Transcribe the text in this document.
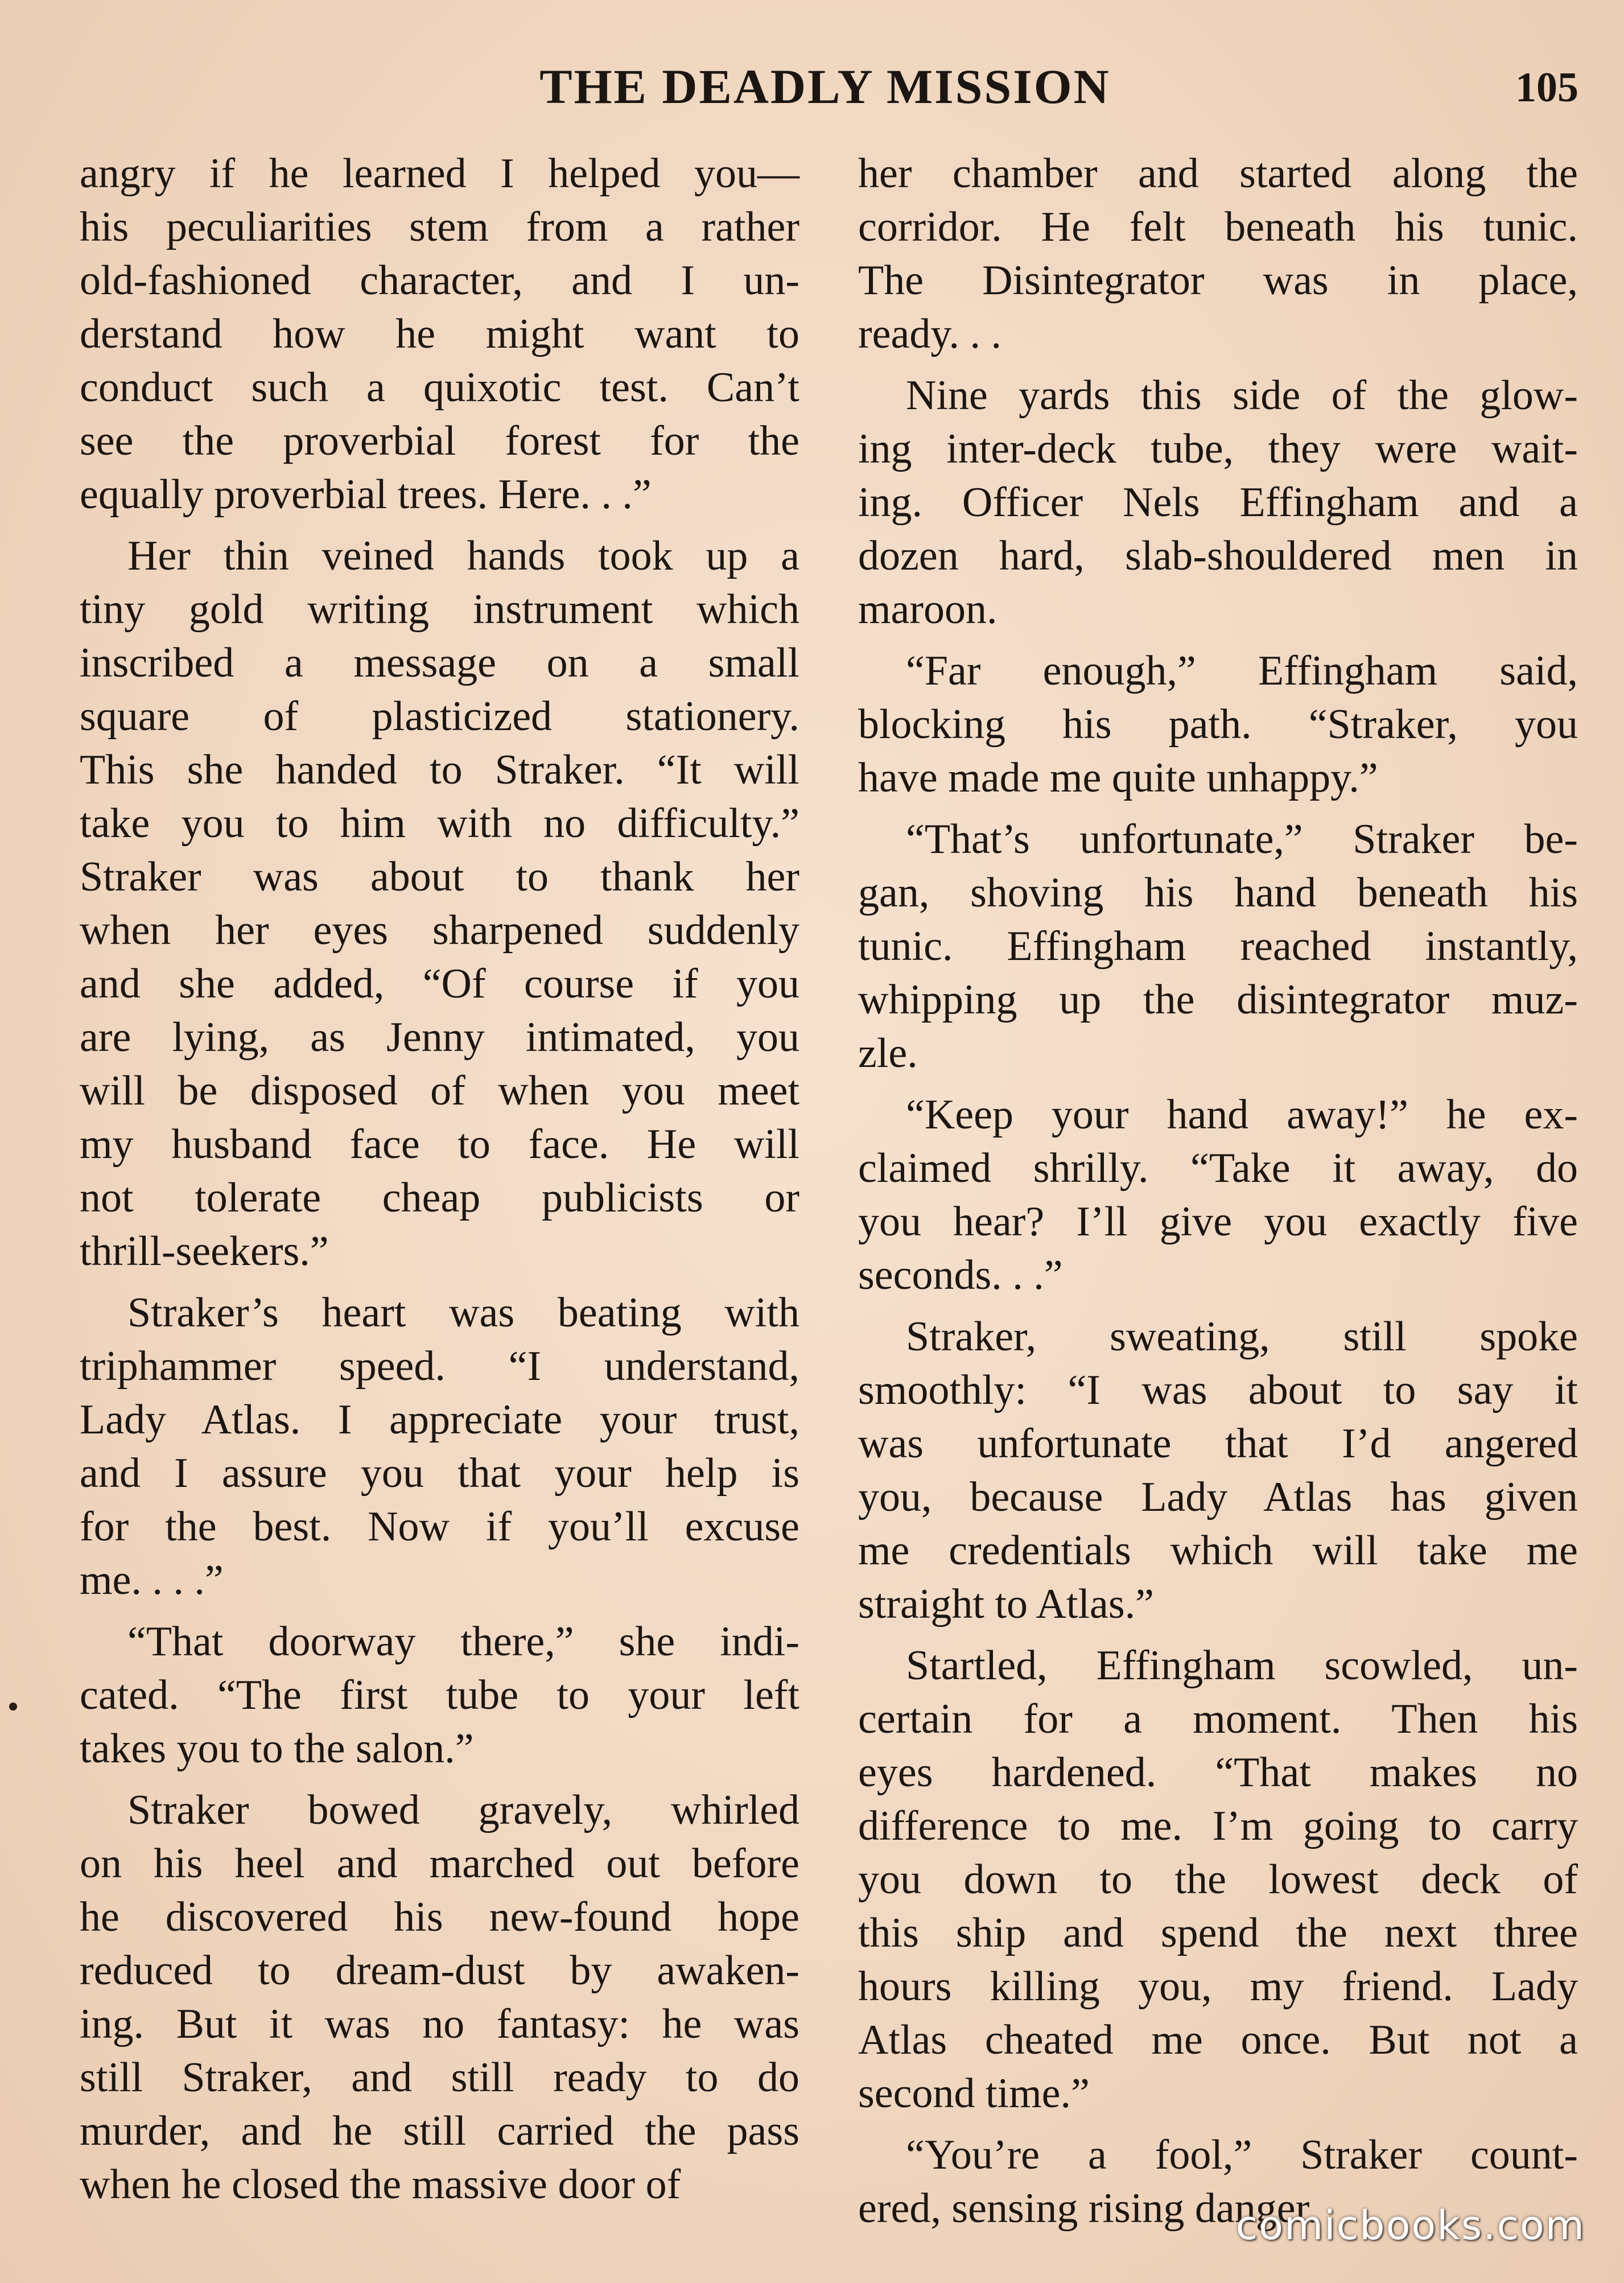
THE DEADLY MISSION	105
angry if he learned I helped you—
his peculiarities stem from a rather
old-fashioned character, and I un-
derstand how he might want to
conduct such a quixotic test. Can’t
see the proverbial forest for the
equally proverbial trees. Here. . .”
Her thin veined hands took up a
tiny gold writing instrument which
inscribed a message on a small
square of plasticized stationery.
This she handed to Straker. “It will
take you to him with no difficulty.”
Straker was about to thank her
when her eyes sharpened suddenly
and she added, “Of course if you
are lying, as Jenny intimated, you
will be disposed of when you meet
my husband face to face. He will
not tolerate cheap publicists or
thrill-seekers.”
Straker’s heart was beating with
triphammer speed. “I understand,
Lady Atlas. I appreciate your trust,
and I assure you that your help is
for the best. Now if you’ll excuse
me. . . .”
“That doorway there,” she indi-
cated. “The first tube to your left
takes you to the salon.”
Straker bowed gravely, whirled
on his heel and marched out before
he discovered his new-found hope
reduced to dream-dust by awaken-
ing. But it was no fantasy: he was
still Straker, and still ready to do
murder, and he still carried the pass
when he closed the massive door of
her chamber and started along the
corridor. He felt beneath his tunic.
The Disintegrator was in place,
ready. . .
Nine yards this side of the glow-
ing inter-deck tube, they were wait-
ing. Officer Nels Effingham and a
dozen hard, slab-shouldered men in
maroon.
“Far enough,” Effingham said,
blocking his path. “Straker, you
have made me quite unhappy.”
“That’s unfortunate,” Straker be-
gan, shoving his hand beneath his
tunic. Effingham reached instantly,
whipping up the disintegrator muz-
zle.
“Keep your hand away!” he ex-
claimed shrilly. “Take it away, do
you hear? I’ll give you exactly five
seconds. . .”
Straker, sweating, still spoke
smoothly: “I was about to say it
was unfortunate that I’d angered
you, because Lady Atlas has given
me credentials which will take me
straight to Atlas.”
Startled, Effingham scowled, un-
certain for a moment. Then his
eyes hardened. “That makes no
difference to me. I’m going to carry
you down to the lowest deck of
this ship and spend the next three
hours killing you, my friend. Lady
Atlas cheated me once. But not a
second time.”
“You’re a fool,” Straker count-
ered, sensing rising danger.
comicbooks.com
